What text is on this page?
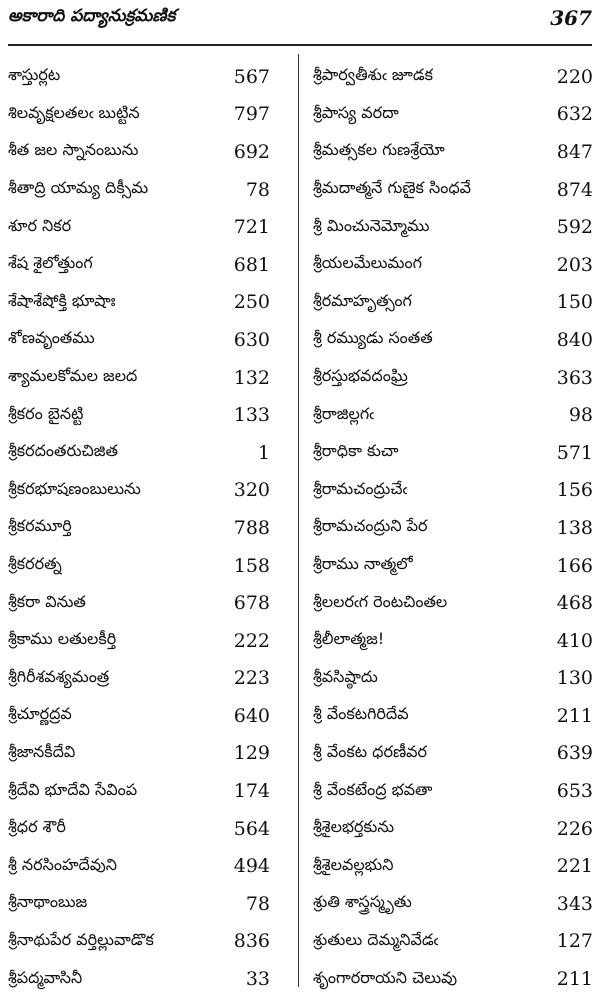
అకారాది పద్యానుక్రమణిక	367
శాస్తుర్లట	567
శిలవృక్షలతలఁ బుట్టిన	797
శీత జల స్నానంబును	692
శీతాద్రి యామ్య దిక్సీమ	78
శూర నికర	721
శేష శైలోత్తుంగ	681
శేషాశేషోక్తి భూషాః	250
శోణవృంతము	630
శ్యామలకోమల జలద	132
శ్రీకరం బైనట్టి	133
శ్రీకరదంతరుచిజిత	1
శ్రీకరభూషణంబులును	320
శ్రీకరమూర్తి	788
శ్రీకరరత్న	158
శ్రీకరా వినుత	678
శ్రీకాము లతులకీర్తి	222
శ్రీగిరీశవశ్యమంత్ర	223
శ్రీచూర్ణద్రవ	640
శ్రీజానకీదేవి	129
శ్రీదేవి భూదేవి సేవింప	174
శ్రీధర శౌరీ	564
శ్రీ నరసింహదేవుని	494
శ్రీనాథాంబుజ	78
శ్రీనాథుపేర వర్తిల్లువాడొక	836
శ్రీపద్మవాసినీ	33
శ్రీపార్వతీశుఁ జూడక	220
శ్రీపాస్య వరదా	632
శ్రీమత్సకల గుణశ్రేయో	847
శ్రీమదాత్మనే గుణైక సింధవే	874
శ్రీ మించునెమ్మోము	592
శ్రీయలమేలుమంగ	203
శ్రీరమాహృత్సంగ	150
శ్రీ రమ్యుడు సంతత	840
శ్రీరస్తుభవదంఘ్రి	363
శ్రీరాజిల్లగఁ	98
శ్రీరాధికా కుచా	571
శ్రీరామచంద్రుచేఁ	156
శ్రీరామచంద్రుని పేర	138
శ్రీరాము నాత్మలో	166
శ్రీలలరఁగ రెంటచింతల	468
శ్రీలీలాత్మజ!	410
శ్రీవసిష్ఠాదు	130
శ్రీ వేంకటగిరిదేవ	211
శ్రీ వేంకట ధరణీవర	639
శ్రీ వేంకటేంద్ర భవతా	653
శ్రీశైలభర్తకును	226
శ్రీశైలవల్లభుని	221
శ్రుతి శాస్త్రస్మృతు	343
శ్రుతులు దెమ్మనివేడఁ	127
శృంగారరాయని చెలువు	211
